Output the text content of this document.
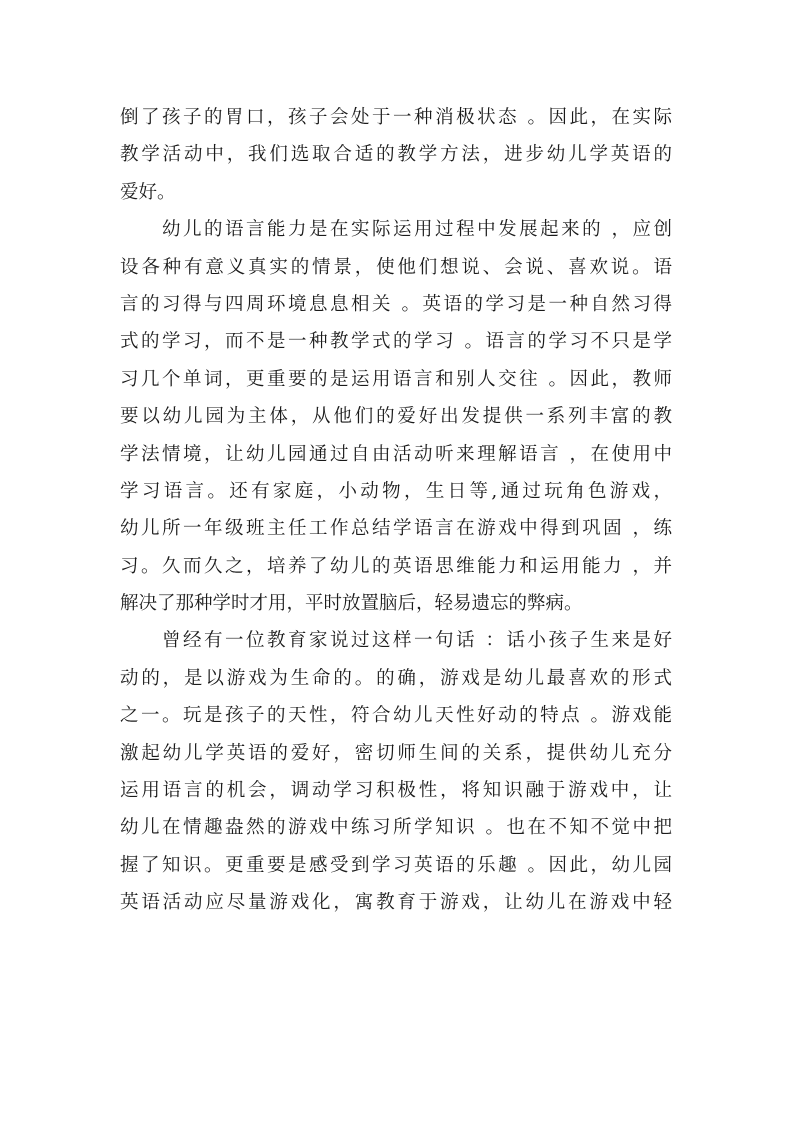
倒了孩子的胃口，孩子会处于一种消极状态 。因此，在实际
教学活动中，我们选取合适的教学方法，进步幼儿学英语的
爱好。
幼儿的语言能力是在实际运用过程中发展起来的 ，应创
设各种有意义真实的情景，使他们想说、会说、喜欢说。语
言的习得与四周环境息息相关 。英语的学习是一种自然习得
式的学习，而不是一种教学式的学习 。语言的学习不只是学
习几个单词，更重要的是运用语言和别人交往 。因此，教师
要以幼儿园为主体，从他们的爱好出发提供一系列丰富的教
学法情境，让幼儿园通过自由活动听来理解语言 ，在使用中
学习语言。还有家庭，小动物，生日等,通过玩角色游戏，
幼儿所一年级班主任工作总结学语言在游戏中得到巩固 ，练
习。久而久之，培养了幼儿的英语思维能力和运用能力 ，并
解决了那种学时才用，平时放置脑后，轻易遗忘的弊病。
曾经有一位教育家说过这样一句话 ：话小孩子生来是好
动的，是以游戏为生命的。的确，游戏是幼儿最喜欢的形式
之一。玩是孩子的天性，符合幼儿天性好动的特点 。游戏能
激起幼儿学英语的爱好，密切师生间的关系，提供幼儿充分
运用语言的机会，调动学习积极性，将知识融于游戏中，让
幼儿在情趣盎然的游戏中练习所学知识 。也在不知不觉中把
握了知识。更重要是感受到学习英语的乐趣 。因此，幼儿园
英语活动应尽量游戏化，寓教育于游戏，让幼儿在游戏中轻
